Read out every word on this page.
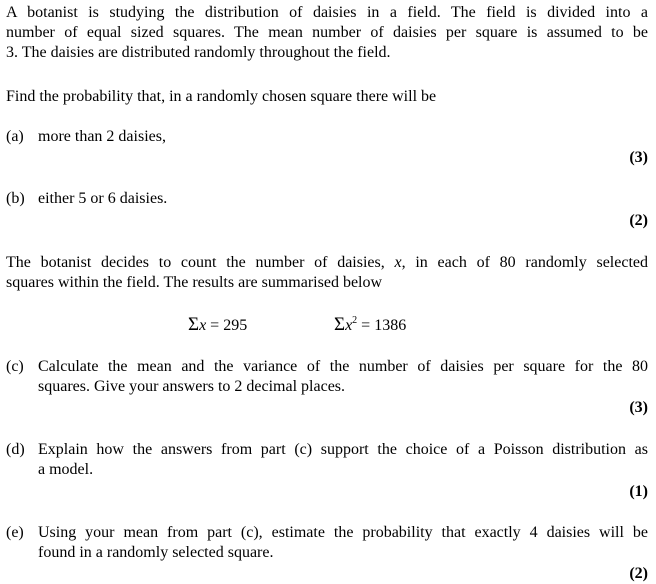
A botanist is studying the distribution of daisies in a field. The field is divided into a
number of equal sized squares. The mean number of daisies per square is assumed to be
3. The daisies are distributed randomly throughout the field.
Find the probability that, in a randomly chosen square there will be
(a) more than 2 daisies,
(3)
(b) either 5 or 6 daisies.
(2)
The botanist decides to count the number of daisies, x, in each of 80 randomly selected
squares within the field. The results are summarised below
Σx = 295	$\Sigma x^2 = 1386$
(c) Calculate the mean and the variance of the number of daisies per square for the 80
squares. Give your answers to 2 decimal places.
(3)
(d) Explain how the answers from part (c) support the choice of a Poisson distribution as
a model.
(1)
(e) Using your mean from part (c), estimate the probability that exactly 4 daisies will be
found in a randomly selected square.
(2)
